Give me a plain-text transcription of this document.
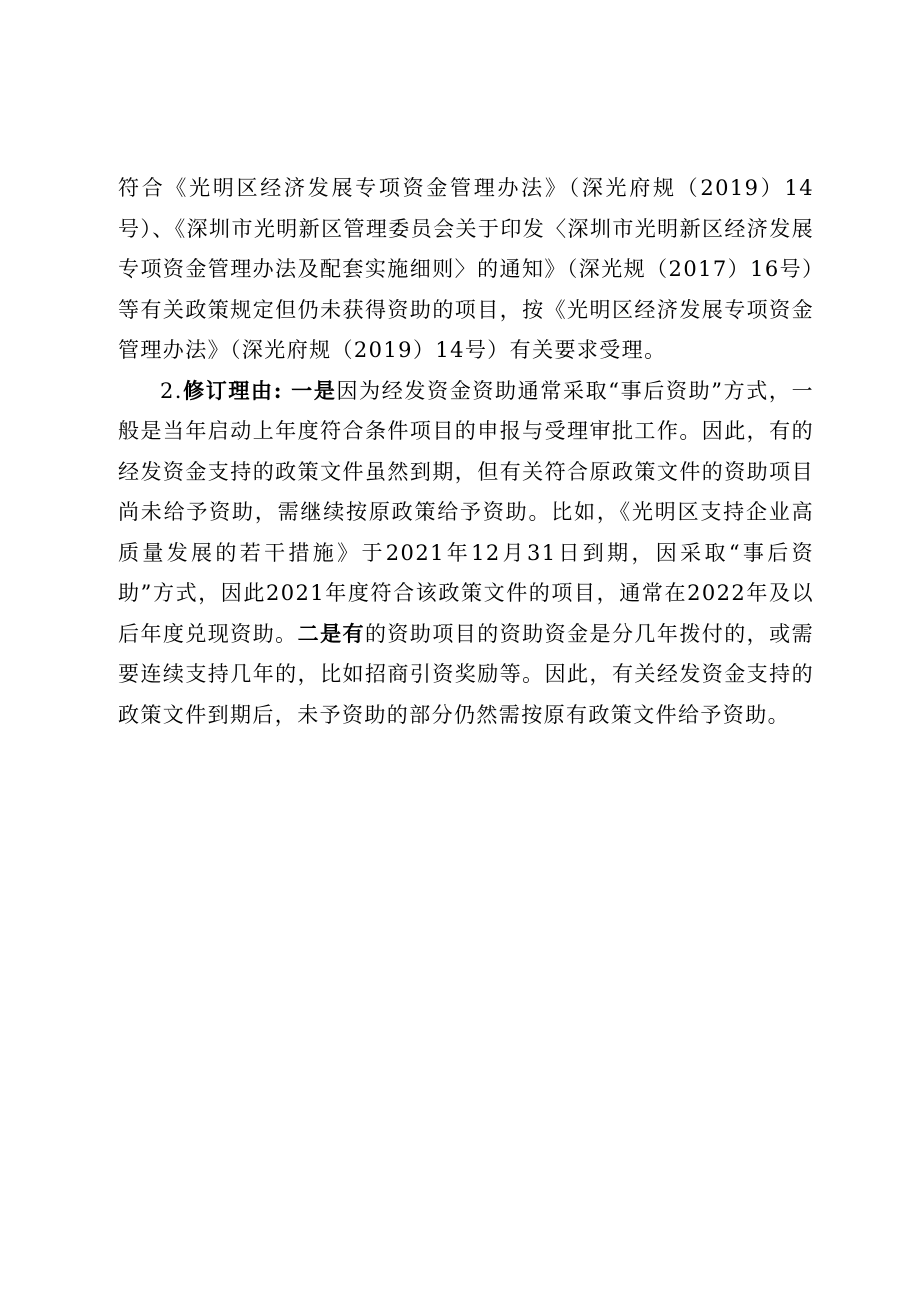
符合《光明区经济发展专项资金管理办法》（深光府规（2019）14号）、《深圳市光明新区管理委员会关于印发〈深圳市光明新区经济发展专项资金管理办法及配套实施细则〉的通知》（深光规（2017）16号）等有关政策规定但仍未获得资助的项目，按《光明区经济发展专项资金管理办法》（深光府规（2019）14号）有关要求受理。

2.修订理由: 一是因为经发资金资助通常采取“事后资助”方式，一般是当年启动上年度符合条件项目的申报与受理审批工作。因此，有的经发资金支持的政策文件虽然到期，但有关符合原政策文件的资助项目尚未给予资助，需继续按原政策给予资助。比如，《光明区支持企业高质量发展的若干措施》于2021年12月31日到期，因采取“事后资助”方式，因此2021年度符合该政策文件的项目，通常在2022年及以后年度兑现资助。二是有的资助项目的资助资金是分几年拨付的，或需要连续支持几年的，比如招商引资奖励等。因此，有关经发资金支持的政策文件到期后，未予资助的部分仍然需按原有政策文件给予资助。
